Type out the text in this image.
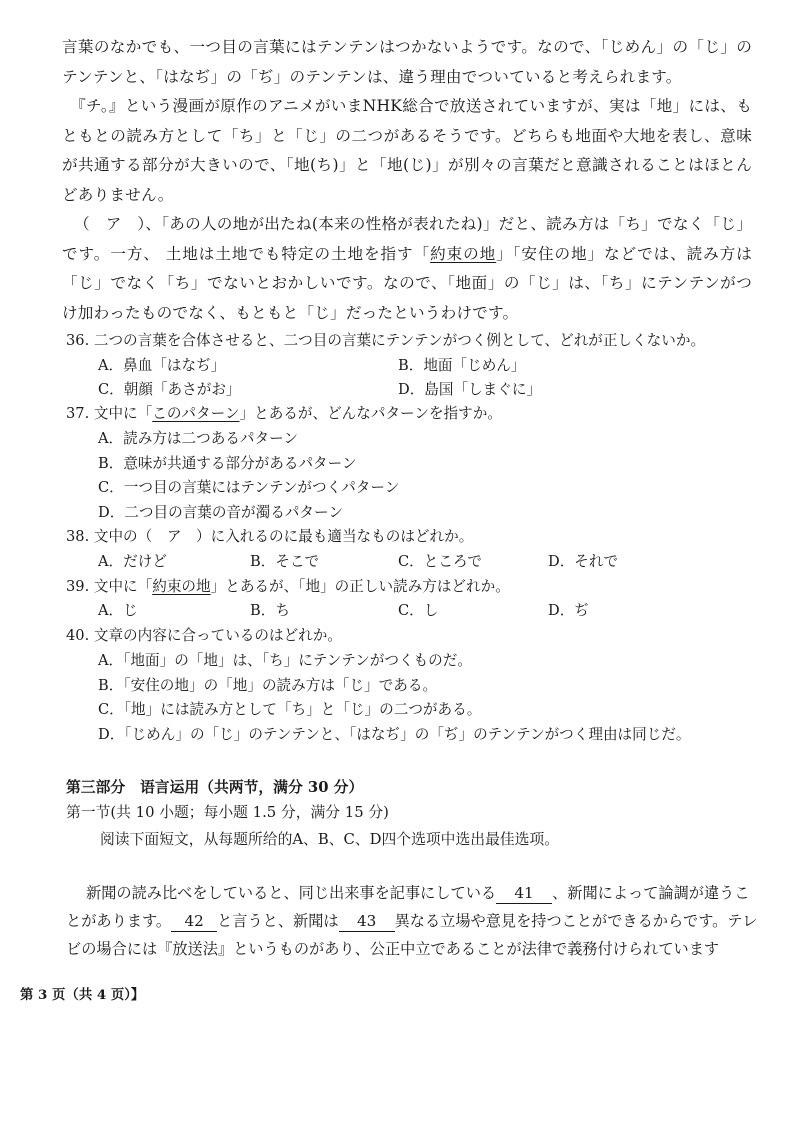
言葉のなかでも、一つ目の言葉にはテンテンはつかないようです。なので、「じめん」の「じ」のテンテンと、「はなぢ」の「ぢ」のテンテンは、違う理由でついていると考えられます。

『チ。』という漫画が原作のアニメがいまNHK総合で放送されていますが、実は「地」には、もともとの読み方として「ち」と「じ」の二つがあるそうです。どちらも地面や大地を表し、意味が共通する部分が大きいので、「地(ち)」と「地(じ)」が別々の言葉だと意識されることはほとんどありません。

（　ア　）、「あの人の地が出たね(本来の性格が表れたね)」だと、読み方は「ち」でなく「じ」です。一方、 土地は土地でも特定の土地を指す「約束の地」「安住の地」などでは、読み方は「じ」でなく「ち」でないとおかしいです。なので、「地面」の「じ」は、「ち」にテンテンがつけ加わったものでなく、もともと「じ」だったというわけです。

36. 二つの言葉を合体させると、二つ目の言葉にテンテンがつく例として、どれが正しくないか。
A．鼻血「はなぢ」	B．地面「じめん」
C．朝顔「あさがお」	D．島国「しまぐに」
37. 文中に「このパターン」とあるが、どんなパターンを指すか。
A．読み方は二つあるパターン
B．意味が共通する部分があるパターン
C．一つ目の言葉にはテンテンがつくパターン
D．二つ目の言葉の音が濁るパターン
38. 文中の（　ア　）に入れるのに最も適当なものはどれか。
A．だけど	B．そこで	C．ところで	D．それで
39. 文中に「約束の地」とあるが、「地」の正しい読み方はどれか。
A．じ	B．ち	C．し	D．ぢ
40. 文章の内容に合っているのはどれか。
A．「地面」の「地」は、「ち」にテンテンがつくものだ。
B．「安住の地」の「地」の読み方は「じ」である。
C．「地」には読み方として「ち」と「じ」の二つがある。
D．「じめん」の「じ」のテンテンと、「はなぢ」の「ぢ」のテンテンがつく理由は同じだ。
第三部分　语言运用（共两节，满分 30 分）
第一节(共 10 小题；每小题 1.5 分，满分 15 分)
阅读下面短文，从每题所给的A、B、C、D四个选项中选出最佳选项。
新聞の読み比べをしていると、同じ出来事を記事にしている 41 、新聞によって論調が違うこ
とがあります。 42 と言うと、新聞は 43 異なる立場や意見を持つことができるからです。テレ
ビの場合には『放送法』というものがあり、公正中立であることが法律で義務付けられています
第 3 页（共 4 页）】
